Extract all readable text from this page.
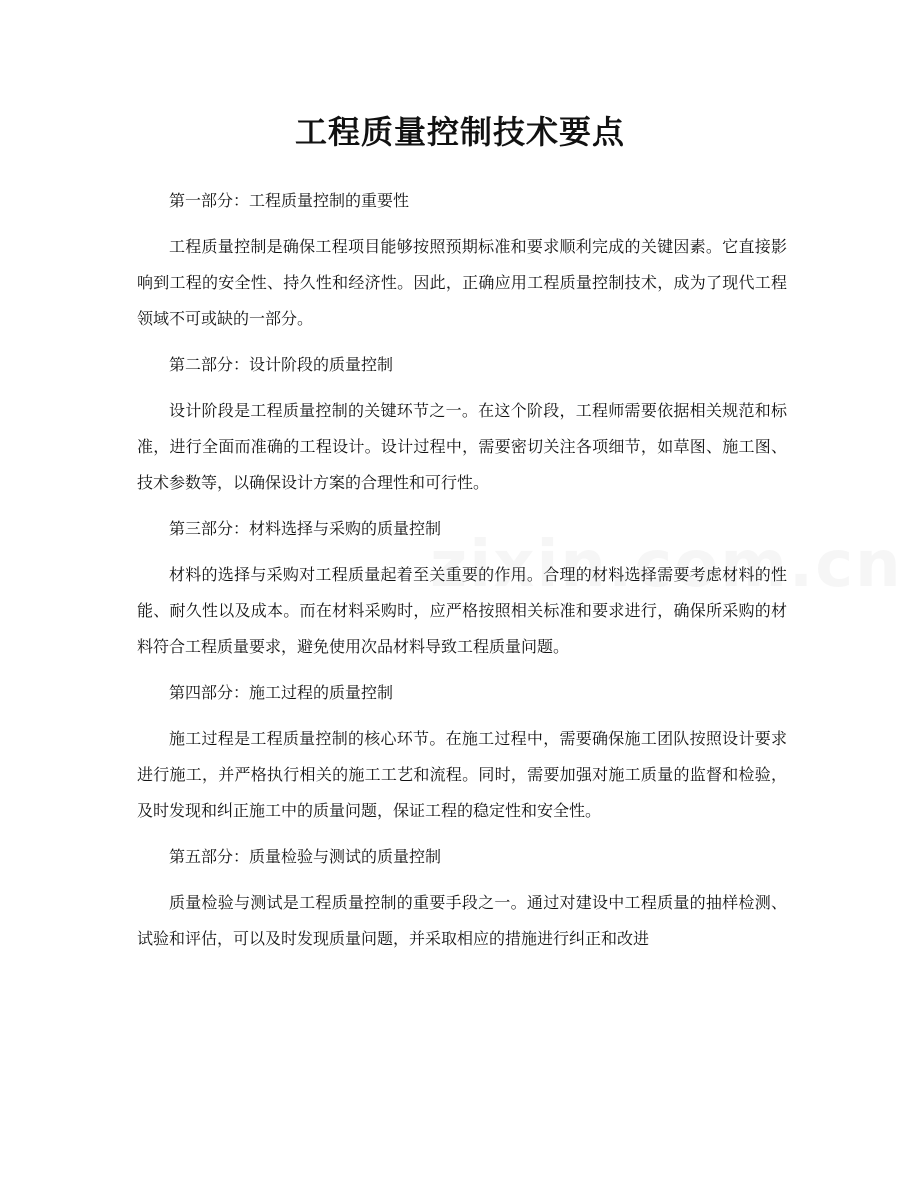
工程质量控制技术要点

第一部分：工程质量控制的重要性

工程质量控制是确保工程项目能够按照预期标准和要求顺利完成的关键因素。它直接影响到工程的安全性、持久性和经济性。因此，正确应用工程质量控制技术，成为了现代工程领域不可或缺的一部分。

第二部分：设计阶段的质量控制

设计阶段是工程质量控制的关键环节之一。在这个阶段，工程师需要依据相关规范和标准，进行全面而准确的工程设计。设计过程中，需要密切关注各项细节，如草图、施工图、技术参数等，以确保设计方案的合理性和可行性。

第三部分：材料选择与采购的质量控制

材料的选择与采购对工程质量起着至关重要的作用。合理的材料选择需要考虑材料的性能、耐久性以及成本。而在材料采购时，应严格按照相关标准和要求进行，确保所采购的材料符合工程质量要求，避免使用次品材料导致工程质量问题。

第四部分：施工过程的质量控制

施工过程是工程质量控制的核心环节。在施工过程中，需要确保施工团队按照设计要求进行施工，并严格执行相关的施工工艺和流程。同时，需要加强对施工质量的监督和检验，及时发现和纠正施工中的质量问题，保证工程的稳定性和安全性。

第五部分：质量检验与测试的质量控制

质量检验与测试是工程质量控制的重要手段之一。通过对建设中工程质量的抽样检测、试验和评估，可以及时发现质量问题，并采取相应的措施进行纠正和改进
